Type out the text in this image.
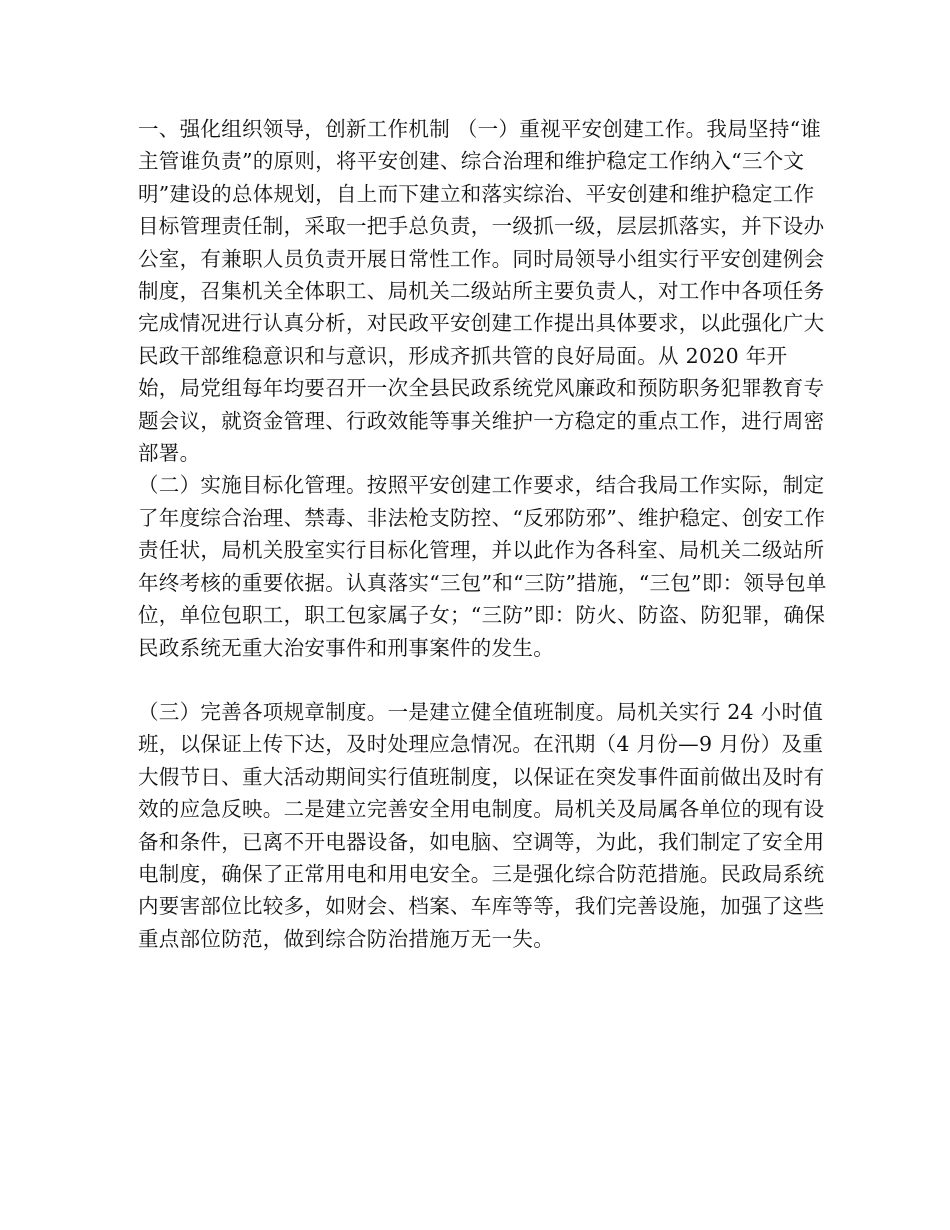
一、强化组织领导，创新工作机制 （一）重视平安创建工作。我局坚持“谁主管谁负责”的原则，将平安创建、综合治理和维护稳定工作纳入“三个文明”建设的总体规划，自上而下建立和落实综治、平安创建和维护稳定工作目标管理责任制，采取一把手总负责，一级抓一级，层层抓落实，并下设办公室，有兼职人员负责开展日常性工作。同时局领导小组实行平安创建例会制度，召集机关全体职工、局机关二级站所主要负责人，对工作中各项任务完成情况进行认真分析，对民政平安创建工作提出具体要求，以此强化广大民政干部维稳意识和与意识，形成齐抓共管的良好局面。从 2020 年开始，局党组每年均要召开一次全县民政系统党风廉政和预防职务犯罪教育专题会议，就资金管理、行政效能等事关维护一方稳定的重点工作，进行周密部署。

（二）实施目标化管理。按照平安创建工作要求，结合我局工作实际，制定了年度综合治理、禁毒、非法枪支防控、“反邪防邪”、维护稳定、创安工作责任状，局机关股室实行目标化管理，并以此作为各科室、局机关二级站所年终考核的重要依据。认真落实“三包”和“三防”措施，“三包”即：领导包单位，单位包职工，职工包家属子女；“三防”即：防火、防盗、防犯罪，确保民政系统无重大治安事件和刑事案件的发生。

（三）完善各项规章制度。一是建立健全值班制度。局机关实行 24 小时值班，以保证上传下达，及时处理应急情况。在汛期（4 月份—9 月份）及重大假节日、重大活动期间实行值班制度，以保证在突发事件面前做出及时有效的应急反映。二是建立完善安全用电制度。局机关及局属各单位的现有设备和条件，已离不开电器设备，如电脑、空调等，为此，我们制定了安全用电制度，确保了正常用电和用电安全。三是强化综合防范措施。民政局系统内要害部位比较多，如财会、档案、车库等等，我们完善设施，加强了这些重点部位防范，做到综合防治措施万无一失。
